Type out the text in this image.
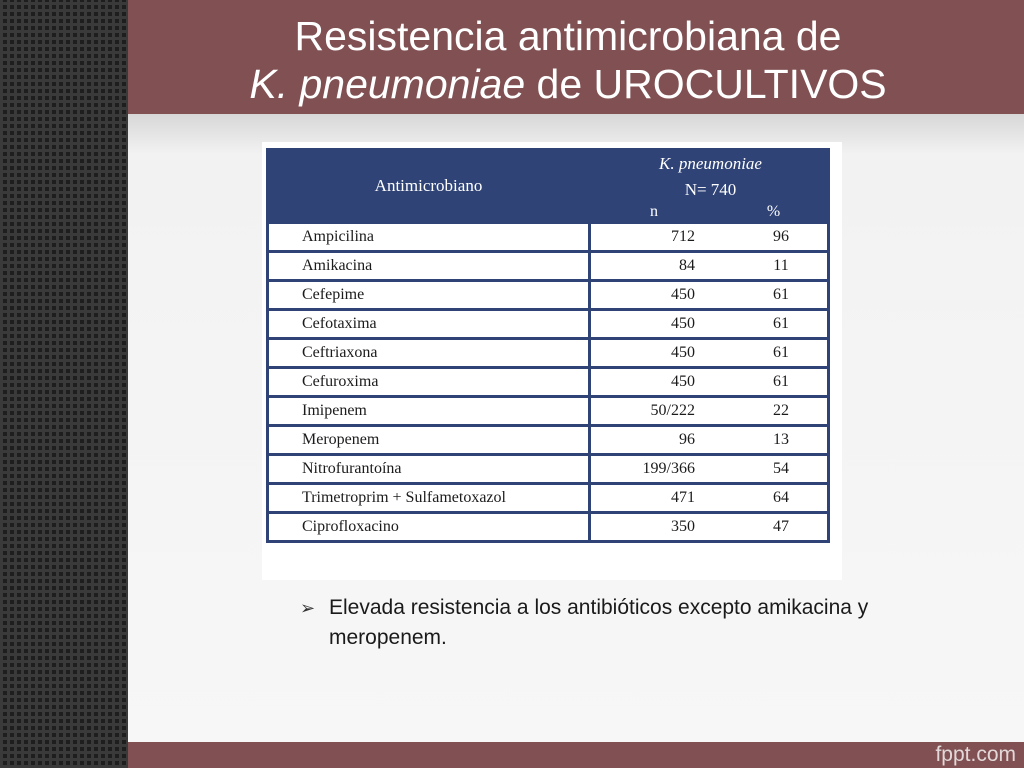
Resistencia antimicrobiana de
K. pneumoniae de UROCULTIVOS
Antimicrobiano	K. pneumoniae	
	N= 740	
	n	%
Ampicilina	712	96
Amikacina	84	11
Cefepime	450	61
Cefotaxima	450	61
Ceftriaxona	450	61
Cefuroxima	450	61
Imipenem	50/222	22
Meropenem	96	13
Nitrofurantoína	199/366	54
Trimetroprim + Sulfametoxazol	471	64
Ciprofloxacino	350	47
➢ Elevada resistencia a los antibióticos excepto amikacina y meropenem.
fppt.com
